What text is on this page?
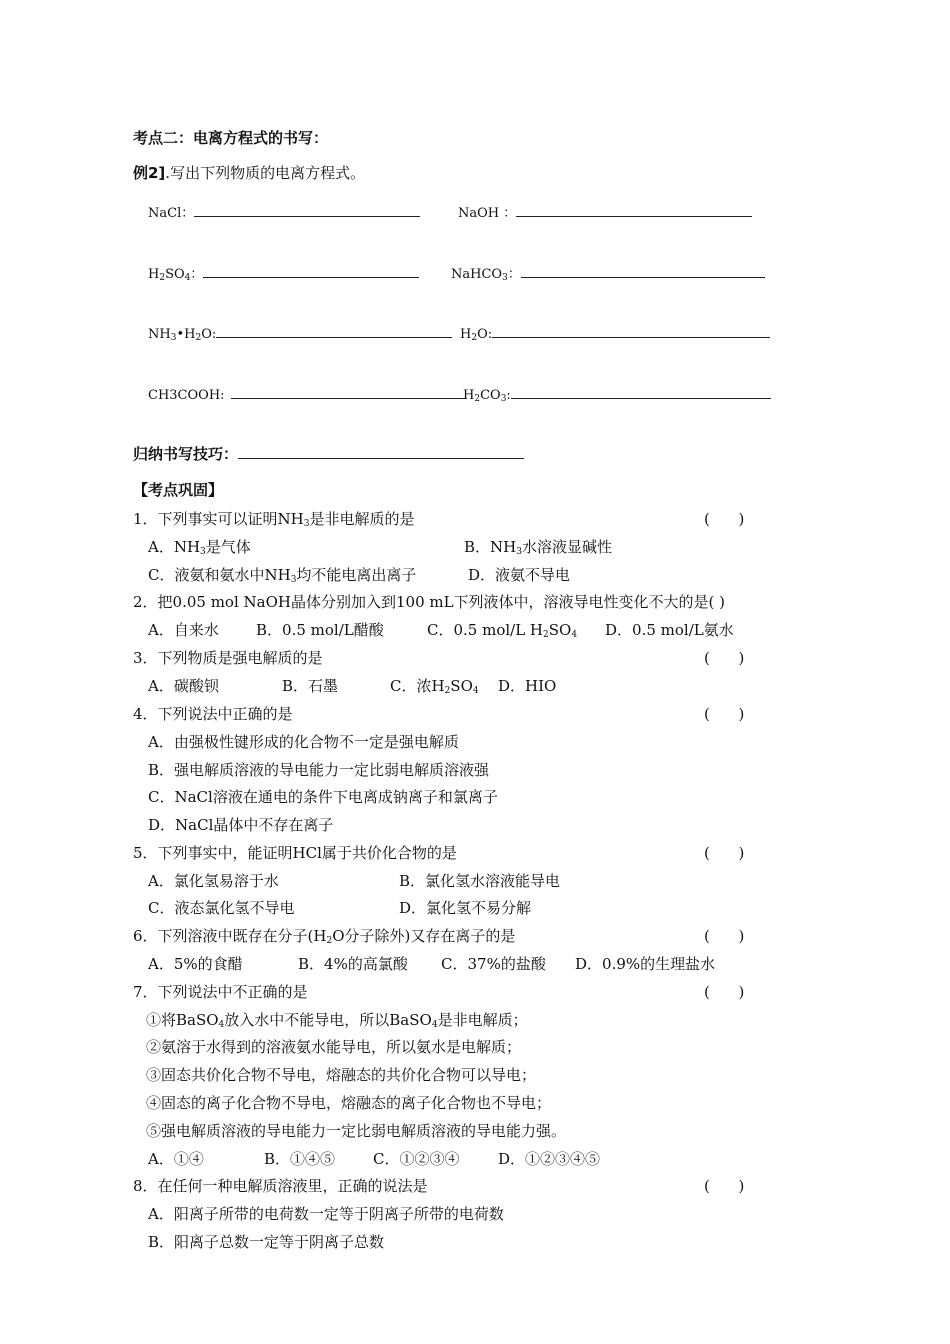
考点二：电离方程式的书写：
例2].写出下列物质的电离方程式。
NaCl：	NaOH ：
$H_2SO_4$：	NaHCO$_3$：
$NH_3•H_2O$:	$H_2O$:
CH3COOH:	$H_2CO_3$:
归纳书写技巧：
【考点巩固】
1．下列事实可以证明$NH_3$是非电解质的是	(      )
A．$NH_3$是气体	B．$NH_3$水溶液显碱性
C．液氨和氨水中$NH_3$均不能电离出离子	D．液氨不导电
2．把0.05 mol NaOH晶体分别加入到100 mL下列液体中，溶液导电性变化不大的是( )
A．自来水 B．0.5 mol/L醋酸	C．0.5 mol/L $H_2SO_4$ D．0.5 mol/L氨水
3．下列物质是强电解质的是	(      )
A．碳酸钡	B．石墨	C．浓$H_2SO_4$ D．HIO
4．下列说法中正确的是	(      )
A．由强极性键形成的化合物不一定是强电解质
B．强电解质溶液的导电能力一定比弱电解质溶液强
C．NaCl溶液在通电的条件下电离成钠离子和氯离子
D．NaCl晶体中不存在离子
5．下列事实中，能证明HCl属于共价化合物的是	(      )
A．氯化氢易溶于水	B．氯化氢水溶液能导电
C．液态氯化氢不导电	D．氯化氢不易分解
6．下列溶液中既存在分子($H_2O$分子除外)又存在离子的是	(      )
A．5%的食醋	B．4%的高氯酸 C．37%的盐酸 D．0.9%的生理盐水
7．下列说法中不正确的是	(      )
①将BaSO$_4$放入水中不能导电，所以BaSO$_4$是非电解质；
②氨溶于水得到的溶液氨水能导电，所以氨水是电解质；
③固态共价化合物不导电，熔融态的共价化合物可以导电；
④固态的离子化合物不导电，熔融态的离子化合物也不导电；
⑤强电解质溶液的导电能力一定比弱电解质溶液的导电能力强。
A．①④	B．①④⑤	C．①②③④	D．①②③④⑤
8．在任何一种电解质溶液里，正确的说法是	(      )
A．阳离子所带的电荷数一定等于阴离子所带的电荷数
B．阳离子总数一定等于阴离子总数
